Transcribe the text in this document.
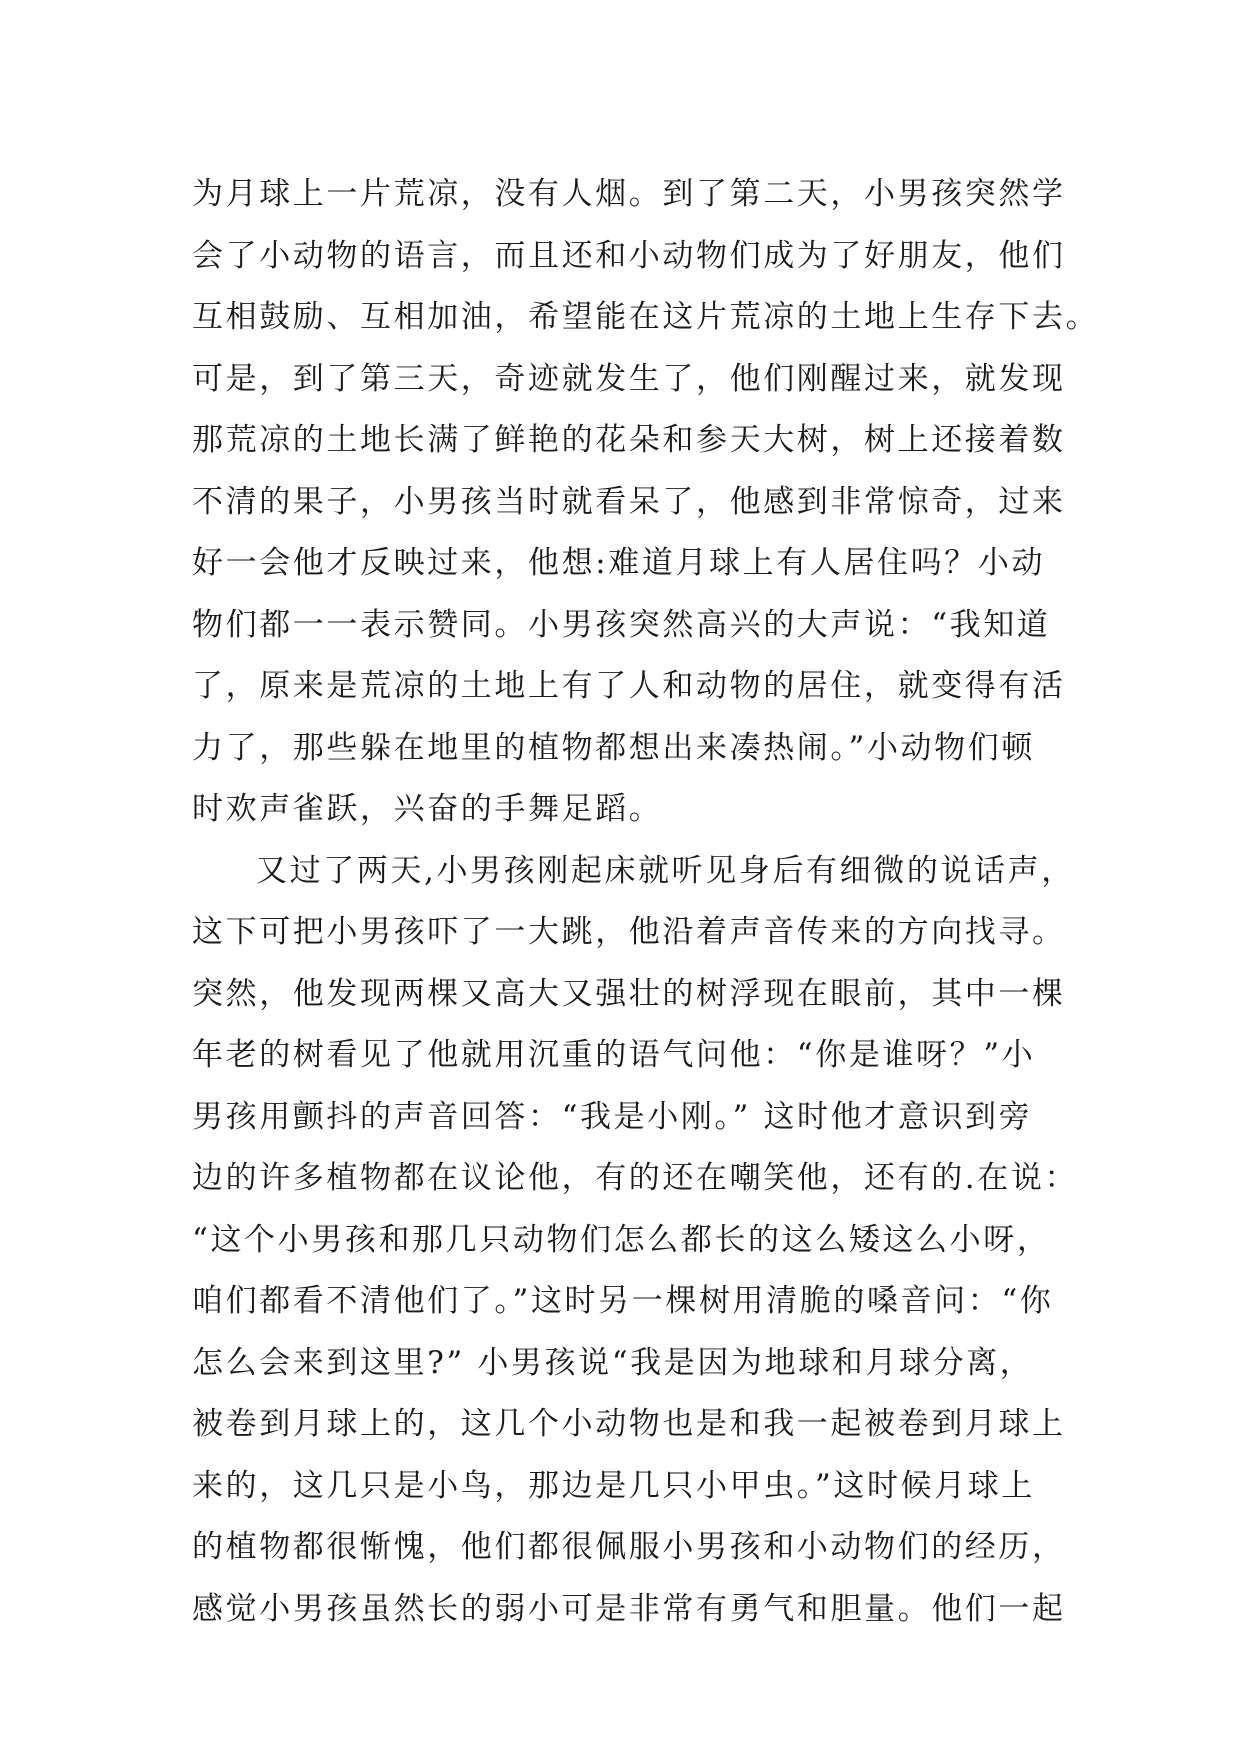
为月球上一片荒凉，没有人烟。到了第二天，小男孩突然学
会了小动物的语言，而且还和小动物们成为了好朋友，他们
互相鼓励、互相加油，希望能在这片荒凉的土地上生存下去。
可是，到了第三天，奇迹就发生了，他们刚醒过来，就发现
那荒凉的土地长满了鲜艳的花朵和参天大树，树上还接着数
不清的果子，小男孩当时就看呆了，他感到非常惊奇，过来
好一会他才反映过来，他想:难道月球上有人居住吗？小动
物们都一一表示赞同。小男孩突然高兴的大声说：“我知道
了，原来是荒凉的土地上有了人和动物的居住，就变得有活
力了，那些躲在地里的植物都想出来凑热闹。”小动物们顿
时欢声雀跃，兴奋的手舞足蹈。
又过了两天,小男孩刚起床就听见身后有细微的说话声，
这下可把小男孩吓了一大跳，他沿着声音传来的方向找寻。
突然，他发现两棵又高大又强壮的树浮现在眼前，其中一棵
年老的树看见了他就用沉重的语气问他：“你是谁呀？”小
男孩用颤抖的声音回答：“我是小刚。” 这时他才意识到旁
边的许多植物都在议论他，有的还在嘲笑他，还有的.在说：
“这个小男孩和那几只动物们怎么都长的这么矮这么小呀，
咱们都看不清他们了。”这时另一棵树用清脆的嗓音问：“你
怎么会来到这里?” 小男孩说“我是因为地球和月球分离，
被卷到月球上的，这几个小动物也是和我一起被卷到月球上
来的，这几只是小鸟，那边是几只小甲虫。”这时候月球上
的植物都很惭愧，他们都很佩服小男孩和小动物们的经历，
感觉小男孩虽然长的弱小可是非常有勇气和胆量。他们一起
